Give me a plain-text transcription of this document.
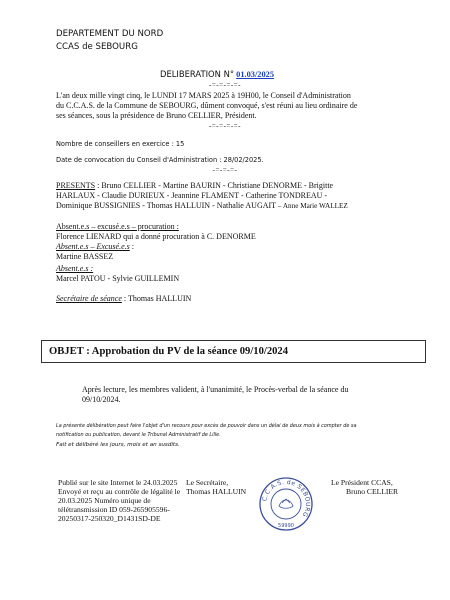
DEPARTEMENT DU NORD
CCAS de SEBOURG
DELIBERATION N° 01.03/2025
-=-=-=-=-
L'an deux mille vingt cinq, le LUNDI 17 MARS 2025 à 19H00, le Conseil d'Administration
du C.C.A.S. de la Commune de SEBOURG, dûment convoqué, s'est réuni au lieu ordinaire de
ses séances, sous la présidence de Bruno CELLIER, Président.
-=-=-=-=-
Nombre de conseillers en exercice : 15
Date de convocation du Conseil d'Administration : 28/02/2025.
-=-=-=-
PRESENTS : Bruno CELLIER - Martine BAURIN - Christiane DENORME - Brigitte
HARLAUX - Claudie DURIEUX - Jeannine FLAMENT - Catherine TONDREAU -
Dominique BUSSIGNIES - Thomas HALLUIN - Nathalie AUGAIT – Anne Marie WALLEZ
Absent.e.s – excusé.e.s – procuration :
Florence LIENARD qui a donné procuration à C. DENORME
Absent.e.s – Excusé.e.s :
Martine BASSEZ
Absent.e.s :
Marcel PATOU - Sylvie GUILLEMIN
Secrétaire de séance : Thomas HALLUIN
OBJET : Approbation du PV de la séance 09/10/2024
Après lecture, les membres valident, à l'unanimité, le Procès-verbal de la séance du
09/10/2024.
La présente délibération peut faire l'objet d'un recours pour excès de pouvoir dans un délai de deux mois à compter de sa
notification ou publication, devant le Tribunal Administratif de Lille.
Fait et délibéré les jours, mois et an susdits.
Publié sur le site Internet le 24.03.2025
Envoyé et reçu au contrôle de légalité le
20.03.2025 Numéro unique de
télétransmission ID 059-265905596-
20250317-250320_D1431SD-DE
Le Secrétaire,
Thomas HALLUIN
C.C.A.S. de SEBOURG
59990
Le Président CCAS,
Bruno CELLIER
